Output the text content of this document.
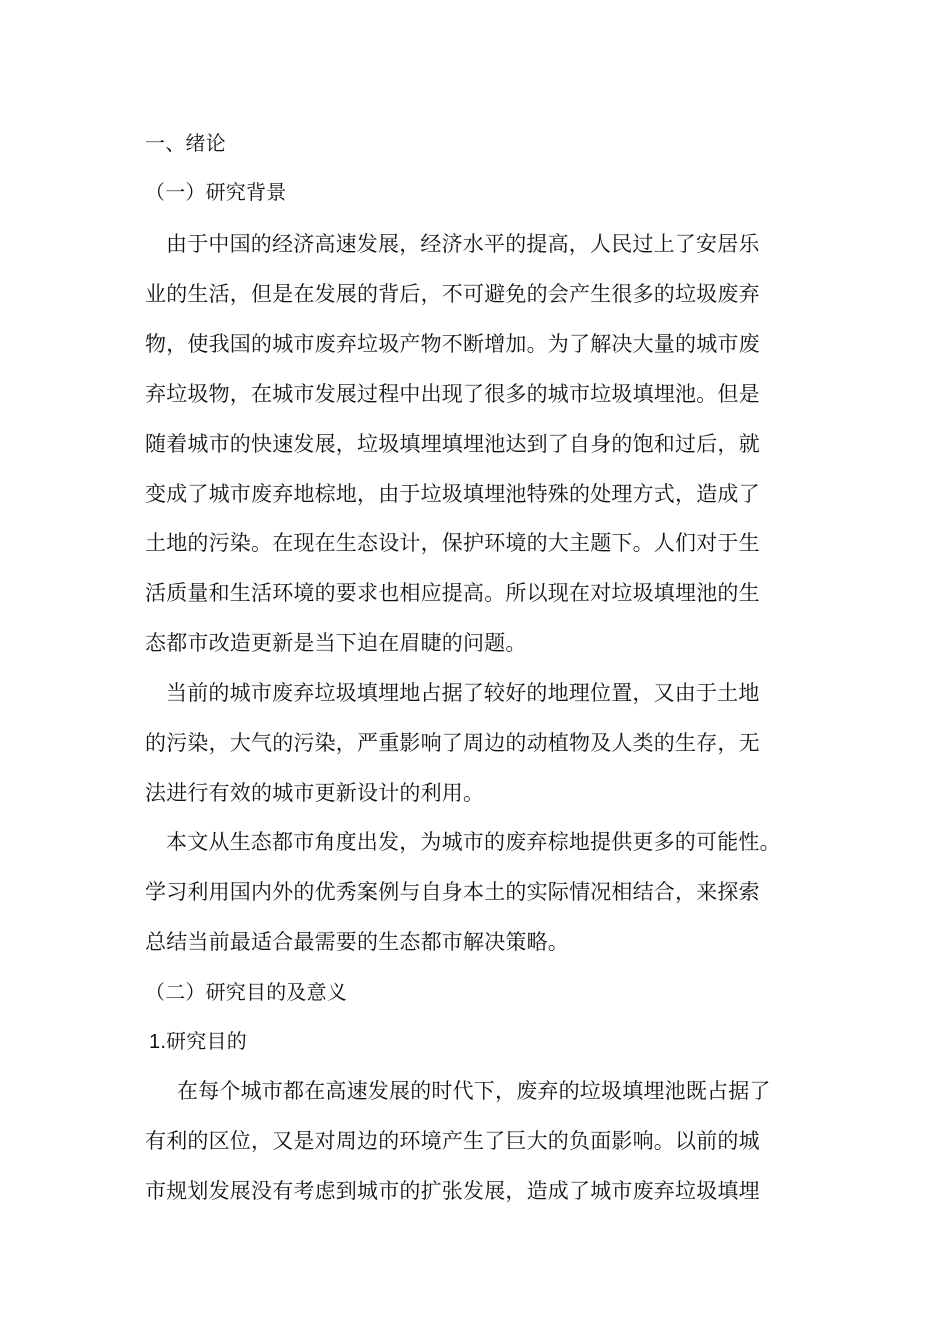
一、绪论
（一）研究背景
由于中国的经济高速发展，经济水平的提高，人民过上了安居乐
业的生活，但是在发展的背后，不可避免的会产生很多的垃圾废弃
物，使我国的城市废弃垃圾产物不断增加。为了解决大量的城市废
弃垃圾物，在城市发展过程中出现了很多的城市垃圾填埋池。但是
随着城市的快速发展，垃圾填埋填埋池达到了自身的饱和过后，就
变成了城市废弃地棕地，由于垃圾填埋池特殊的处理方式，造成了
土地的污染。在现在生态设计，保护环境的大主题下。人们对于生
活质量和生活环境的要求也相应提高。所以现在对垃圾填埋池的生
态都市改造更新是当下迫在眉睫的问题。
当前的城市废弃垃圾填埋地占据了较好的地理位置，又由于土地
的污染，大气的污染，严重影响了周边的动植物及人类的生存，无
法进行有效的城市更新设计的利用。
本文从生态都市角度出发，为城市的废弃棕地提供更多的可能性。
学习利用国内外的优秀案例与自身本土的实际情况相结合，来探索
总结当前最适合最需要的生态都市解决策略。
（二）研究目的及意义
1.研究目的
在每个城市都在高速发展的时代下，废弃的垃圾填埋池既占据了
有利的区位，又是对周边的环境产生了巨大的负面影响。以前的城
市规划发展没有考虑到城市的扩张发展，造成了城市废弃垃圾填埋
